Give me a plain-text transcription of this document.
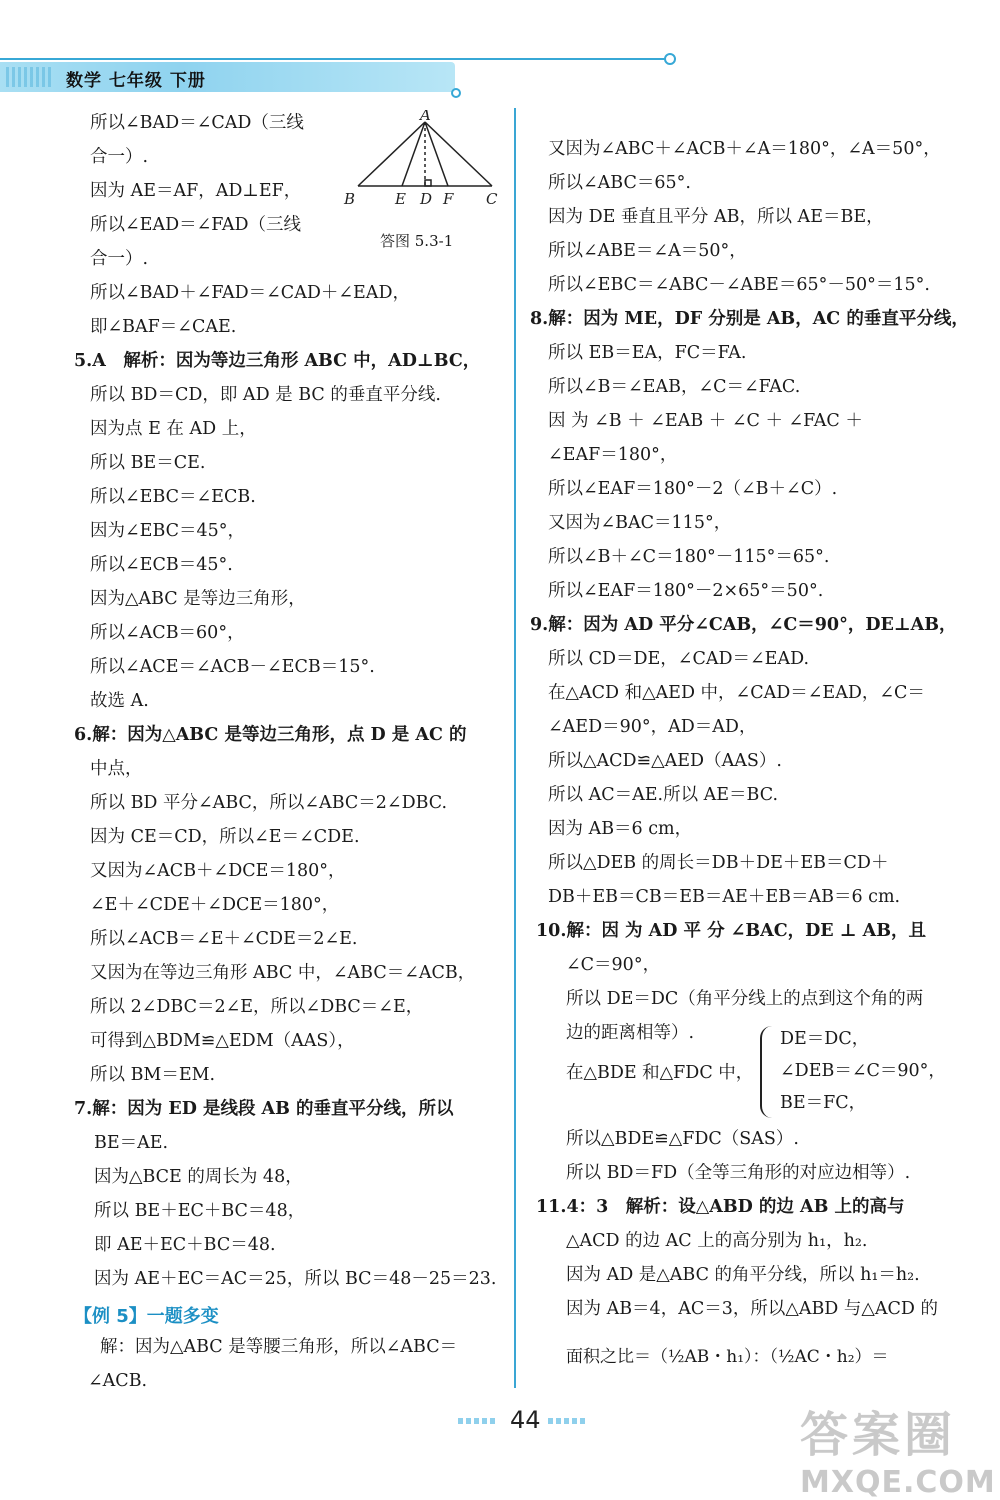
数学 七年级 下册
A
B	E D F C
答图 5.3-1
所以∠BAD＝∠CAD（三线
合一）.
因为 AE＝AF，AD⊥EF，
所以∠EAD＝∠FAD（三线
合一）.
所以∠BAD＋∠FAD＝∠CAD＋∠EAD，
即∠BAF＝∠CAE.
5.A　解析：因为等边三角形 ABC 中，AD⊥BC，
所以 BD＝CD，即 AD 是 BC 的垂直平分线.
因为点 E 在 AD 上，
所以 BE＝CE.
所以∠EBC＝∠ECB.
因为∠EBC＝45°，
所以∠ECB＝45°.
因为△ABC 是等边三角形，
所以∠ACB＝60°，
所以∠ACE＝∠ACB－∠ECB＝15°.
故选 A.
6.解：因为△ABC 是等边三角形，点 D 是 AC 的
中点，
所以 BD 平分∠ABC，所以∠ABC＝2∠DBC.
因为 CE＝CD，所以∠E＝∠CDE.
又因为∠ACB＋∠DCE＝180°，
∠E＋∠CDE＋∠DCE＝180°，
所以∠ACB＝∠E＋∠CDE＝2∠E.
又因为在等边三角形 ABC 中，∠ABC＝∠ACB，
所以 2∠DBC＝2∠E，所以∠DBC＝∠E，
可得到△BDM≌△EDM（AAS），
所以 BM＝EM.
7.解：因为 ED 是线段 AB 的垂直平分线，所以
BE＝AE.
因为△BCE 的周长为 48，
所以 BE＋EC＋BC＝48，
即 AE＋EC＋BC＝48.
因为 AE＋EC＝AC＝25，所以 BC＝48－25＝23.
【例 5】一题多变
解：因为△ABC 是等腰三角形，所以∠ABC＝
∠ACB.
又因为∠ABC＋∠ACB＋∠A＝180°，∠A＝50°，
所以∠ABC＝65°.
因为 DE 垂直且平分 AB，所以 AE＝BE，
所以∠ABE＝∠A＝50°，
所以∠EBC＝∠ABC－∠ABE＝65°－50°＝15°.
8.解：因为 ME，DF 分别是 AB，AC 的垂直平分线，
所以 EB＝EA，FC＝FA.
所以∠B＝∠EAB，∠C＝∠FAC.
因 为 ∠B ＋ ∠EAB ＋ ∠C ＋ ∠FAC ＋
∠EAF＝180°，
所以∠EAF＝180°－2（∠B＋∠C）.
又因为∠BAC＝115°，
所以∠B＋∠C＝180°－115°＝65°.
所以∠EAF＝180°－2×65°＝50°.
9.解：因为 AD 平分∠CAB，∠C＝90°，DE⊥AB，
所以 CD＝DE，∠CAD＝∠EAD.
在△ACD 和△AED 中，∠CAD＝∠EAD，∠C＝
∠AED＝90°，AD＝AD，
所以△ACD≌△AED（AAS）.
所以 AC＝AE.所以 AE＝BC.
因为 AB＝6 cm，
所以△DEB 的周长＝DB＋DE＋EB＝CD＋
DB＋EB＝CB＝EB＝AE＋EB＝AB＝6 cm.
10.解：因 为 AD 平 分 ∠BAC，DE ⊥ AB，且
∠C＝90°，
所以 DE＝DC（角平分线上的点到这个角的两
边的距离相等）.
在△BDE 和△FDC 中，
DE＝DC，
∠DEB＝∠C＝90°，
BE＝FC，
所以△BDE≌△FDC（SAS）.
所以 BD＝FD（全等三角形的对应边相等）.
11.4：3　解析：设△ABD 的边 AB 上的高与
△ACD 的边 AC 上的高分别为 h₁，h₂.
因为 AD 是△ABC 的角平分线，所以 h₁＝h₂.
因为 AB＝4，AC＝3，所以△ABD 与△ACD 的
面积之比＝（½AB・h₁）：（½AC・h₂）＝
44	答案圈
MXQE.COM
